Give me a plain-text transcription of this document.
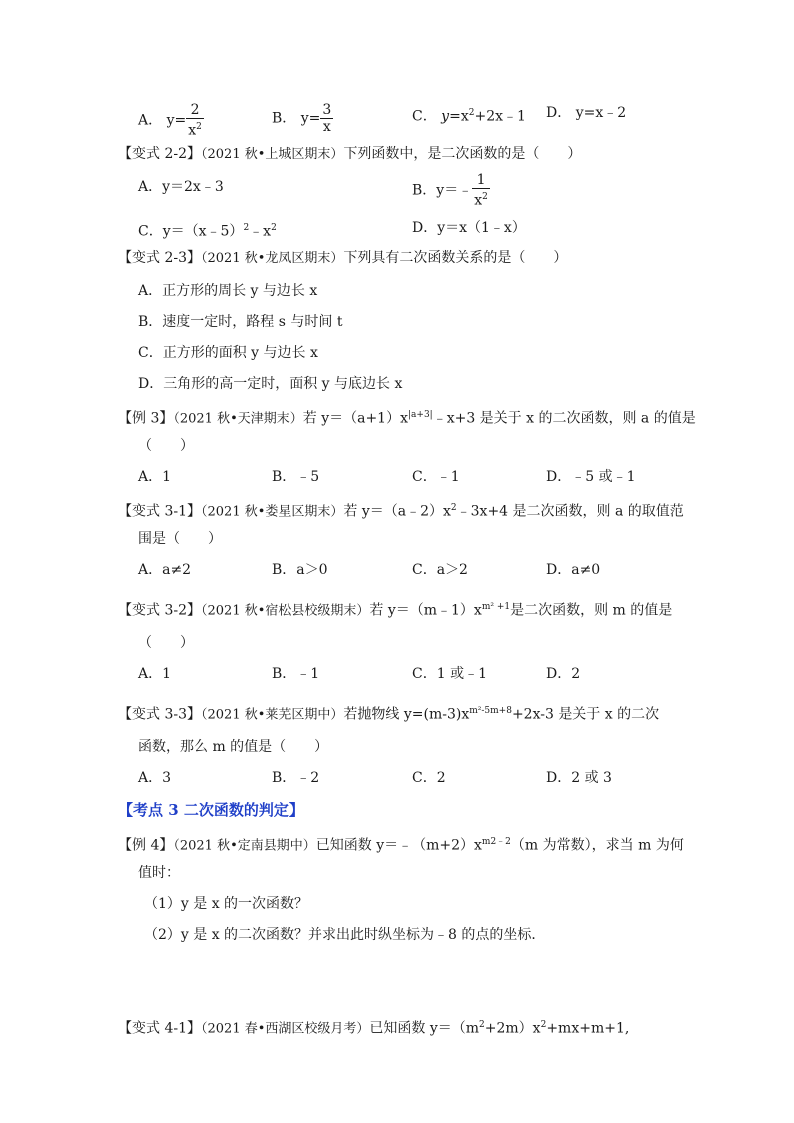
A． $y= \frac{2}{x^2}$	B． $y= \frac{3}{x}$	C． $y=x^2+2x﹣1$ D． y=x﹣2
【变式 2-2】（2021 秋•上城区期末）下列函数中，是二次函数的是（　　）
A．y＝2x﹣3	B．y＝﹣ $\frac{1}{x^2}$
C．$y=(x﹣5)^2﹣x^2$	D．y＝x（1﹣x）
【变式 2-3】（2021 秋•龙凤区期末）下列具有二次函数关系的是（　　）
A．正方形的周长 y 与边长 x
B．速度一定时，路程 s 与时间 t
C．正方形的面积 y 与边长 x
D．三角形的高一定时，面积 y 与底边长 x
【例 3】（2021 秋•天津期末）若 $y=(a+1)x^{|a+3|}﹣x+3$ 是关于 x 的二次函数，则 a 的值是
（　　）
A．1	B．﹣5	C．﹣1	D．﹣5 或﹣1
【变式 3-1】（2021 秋•娄星区期末）若 $y=(a﹣2)x^2﹣3x+4$ 是二次函数，则 a 的取值范
围是（　　）
A．a≠2	B．a＞0	C．a＞2	D．a≠0
【变式 3-2】（2021 秋•宿松县校级期末）若 $y=(m﹣1)x^{m^2 +1}$是二次函数，则 m 的值是
（　　）
A．1	B．﹣1	C．1 或﹣1	D．2
【变式 3-3】（2021 秋•莱芜区期中）若抛物线 $y=(m-3)x^{m^2-5m+8}+2x-3$ 是关于 x 的二次
函数，那么 m 的值是（　　）
A．3	B．﹣2	C．2	D．2 或 3
【考点 3 二次函数的判定】
【例 4】（2021 秋•定南县期中）已知函数 $y=﹣(m+2)x^{m2﹣2}(m$ 为常数），求当 m 为何
值时：
（1）y 是 x 的一次函数？
（2）y 是 x 的二次函数？并求出此时纵坐标为﹣8 的点的坐标．
【变式 4-1】（2021 春•西湖区校级月考）已知函数 $y=(m^2+2m)x^2+mx+m+1$,
